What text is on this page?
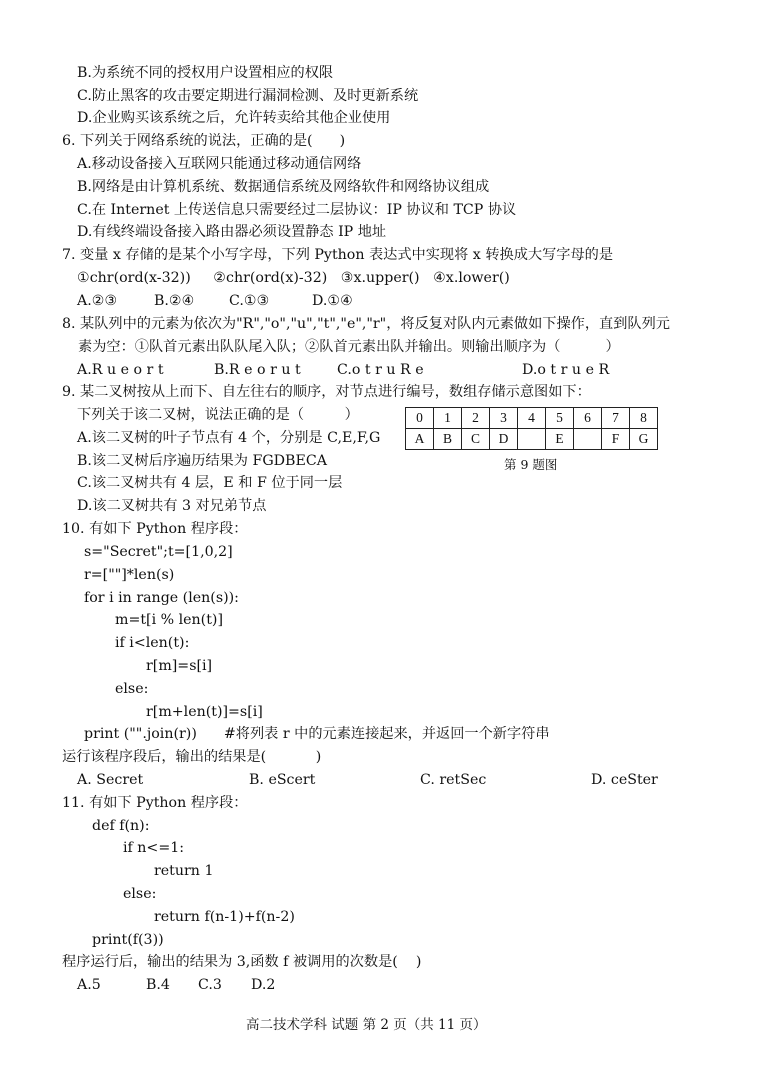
B.为系统不同的授权用户设置相应的权限
C.防止黑客的攻击要定期进行漏洞检测、及时更新系统
D.企业购买该系统之后，允许转卖给其他企业使用
6. 下列关于网络系统的说法，正确的是(      )
A.移动设备接入互联网只能通过移动通信网络
B.网络是由计算机系统、数据通信系统及网络软件和网络协议组成
C.在 Internet 上传送信息只需要经过二层协议：IP 协议和 TCP 协议
D.有线终端设备接入路由器必须设置静态 IP 地址
7. 变量 x 存储的是某个小写字母，下列 Python 表达式中实现将 x 转换成大写字母的是
①chr(ord(x-32))     ②chr(ord(x)-32)   ③x.upper()   ④x.lower()
A.②③	B.②④ C.①③	D.①④
8. 某队列中的元素为依次为"R","o","u","t","e","r"，将反复对队内元素做如下操作，直到队列元
素为空：①队首元素出队队尾入队；②队首元素出队并输出。则输出顺序为（          ）
A.R u e o r t	B.R e o r u t	C.o t r u R e	D.o t r u e R
9. 某二叉树按从上而下、自左往右的顺序，对节点进行编号，数组存储示意图如下：
下列关于该二叉树，说法正确的是（         ）
A.该二叉树的叶子节点有 4 个，分别是 C,E,F,G
B.该二叉树后序遍历结果为 FGDBECA
C.该二叉树共有 4 层，E 和 F 位于同一层
D.该二叉树共有 3 对兄弟节点
0	1	2	3	4	5	6	7	8
A	B	C	D		E		F	G
第 9 题图
10. 有如下 Python 程序段：
s="Secret";t=[1,0,2]
r=[""]*len(s)
for i in range (len(s)):
m=t[i % len(t)]
if i<len(t):
r[m]=s[i]
else:
r[m+len(t)]=s[i]
print ("".join(r))      #将列表 r 中的元素连接起来，并返回一个新字符串
运行该程序段后，输出的结果是(           )
A. Secret	B. eScert	C. retSec	D. ceSter
11. 有如下 Python 程序段：
def f(n):
if n<=1:
return 1
else:
return f(n-1)+f(n-2)
print(f(3))
程序运行后，输出的结果为 3,函数 f 被调用的次数是(    )
A.5	B.4 C.3 D.2
高二技术学科 试题 第 2 页（共 11 页）
